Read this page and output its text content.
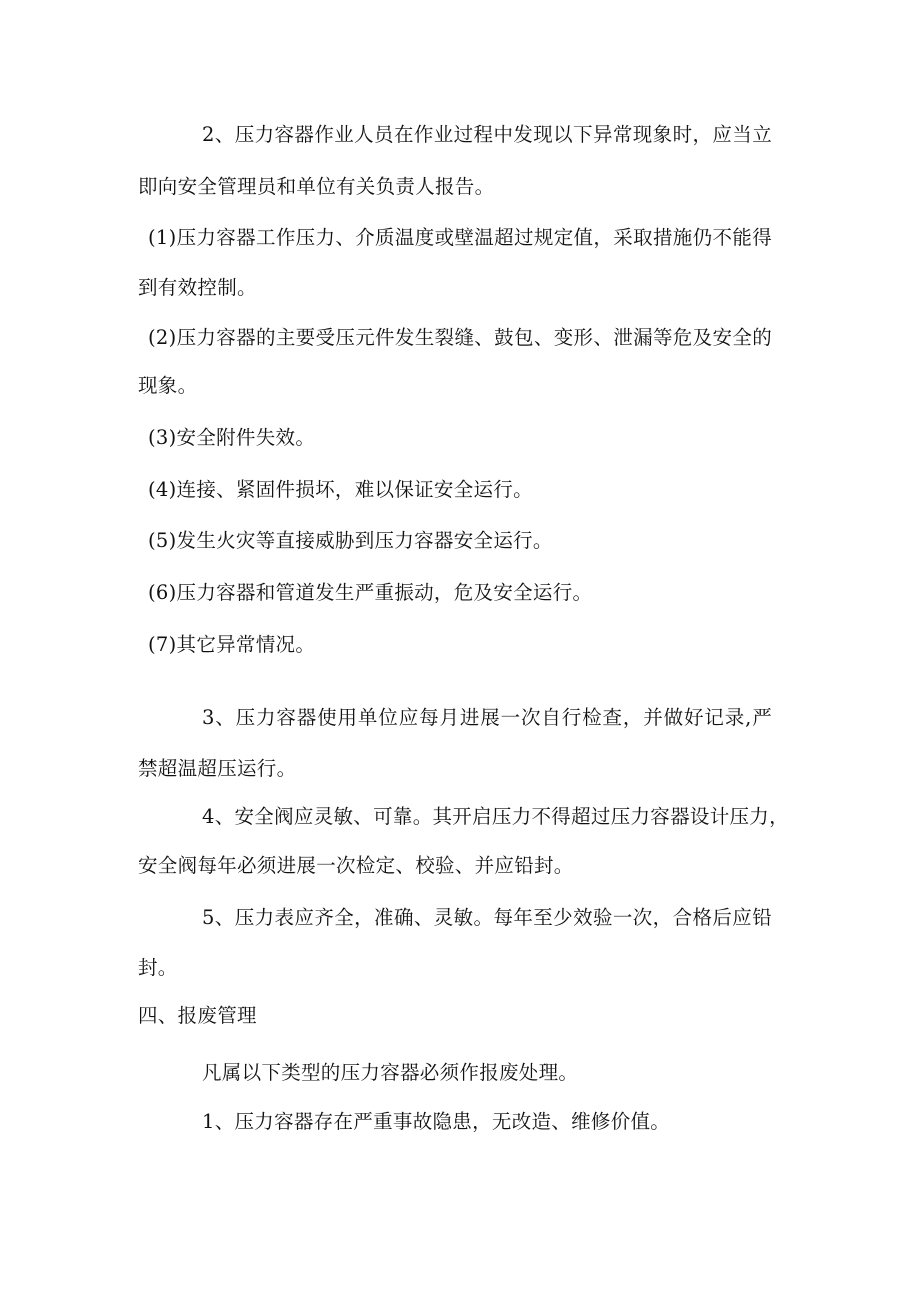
2、压力容器作业人员在作业过程中发现以下异常现象时，应当立
即向安全管理员和单位有关负责人报告。
(1)压力容器工作压力、介质温度或壁温超过规定值，采取措施仍不能得
到有效控制。
(2)压力容器的主要受压元件发生裂缝、鼓包、变形、泄漏等危及安全的
现象。
(3)安全附件失效。
(4)连接、紧固件损坏，难以保证安全运行。
(5)发生火灾等直接威胁到压力容器安全运行。
(6)压力容器和管道发生严重振动，危及安全运行。
(7)其它异常情况。
3、压力容器使用单位应每月进展一次自行检查，并做好记录,严
禁超温超压运行。
4、安全阀应灵敏、可靠。其开启压力不得超过压力容器设计压力，
安全阀每年必须进展一次检定、校验、并应铅封。
5、压力表应齐全，准确、灵敏。每年至少效验一次，合格后应铅
封。
四、报废管理
凡属以下类型的压力容器必须作报废处理。
1、压力容器存在严重事故隐患，无改造、维修价值。
